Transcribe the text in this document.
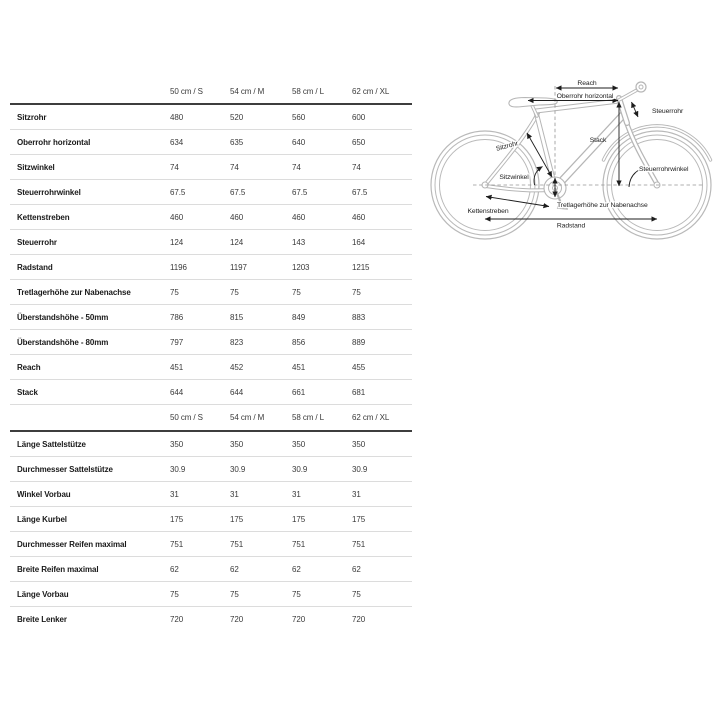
50 cm / S	54 cm / M	58 cm / L	62 cm / XL
Sitzrohr	480	520	560	600
Oberrohr horizontal	634	635	640	650
Sitzwinkel	74	74	74	74
Steuerrohrwinkel	67.5	67.5	67.5	67.5
Kettenstreben	460	460	460	460
Steuerrohr	124	124	143	164
Radstand	1196	1197	1203	1215
Tretlagerhöhe zur Nabenachse	75	75	75	75
Überstandshöhe - 50mm	786	815	849	883
Überstandshöhe - 80mm	797	823	856	889
Reach	451	452	451	455
Stack	644	644	661	681
50 cm / S	54 cm / M	58 cm / L	62 cm / XL
Länge Sattelstütze	350	350	350	350
Durchmesser Sattelstütze	30.9	30.9	30.9	30.9
Winkel Vorbau	31	31	31	31
Länge Kurbel	175	175	175	175
Durchmesser Reifen maximal	751	751	751	751
Breite Reifen maximal	62	62	62	62
Länge Vorbau	75	75	75	75
Breite Lenker	720	720	720	720
Reach
Oberrohr horizontal
Steuerrohr
Stack
Steuerrohrwinkel
Sitzrohr
Sitzwinkel
Kettenstreben
Tretlagerhöhe zur Nabenachse
Radstand
